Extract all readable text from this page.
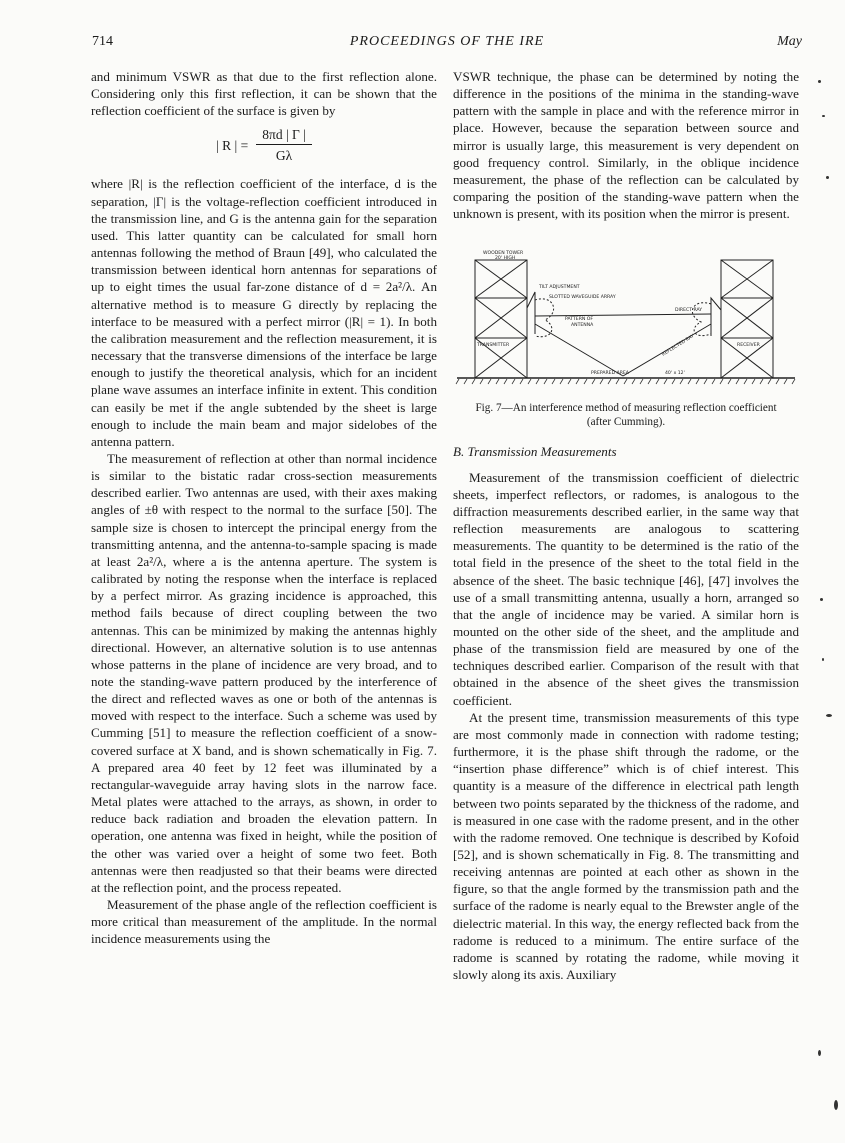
714	PROCEEDINGS OF THE IRE	May

and minimum VSWR as that due to the first reflection alone. Considering only this first reflection, it can be shown that the reflection coefficient of the surface is given by

| R | = $\frac{8\pi d | \Gamma |}{G\lambda}$

where |R| is the reflection coefficient of the interface, d is the separation, |Γ| is the voltage-reflection coefficient introduced in the transmission line, and G is the antenna gain for the separation used. This latter quantity can be calculated for small horn antennas following the method of Braun [49], who calculated the transmission between identical horn antennas for separations of up to eight times the usual far-zone distance of d = 2a²/λ. An alternative method is to measure G directly by replacing the interface to be measured with a perfect mirror (|R| = 1). In both the calibration measurement and the reflection measurement, it is necessary that the transverse dimensions of the interface be large enough to justify the theoretical analysis, which for an incident plane wave assumes an interface infinite in extent. This condition can easily be met if the angle subtended by the sheet is large enough to include the main beam and major sidelobes of the antenna pattern.

The measurement of reflection at other than normal incidence is similar to the bistatic radar cross-section measurements described earlier. Two antennas are used, with their axes making angles of ±θ with respect to the normal to the surface [50]. The sample size is chosen to intercept the principal energy from the transmitting antenna, and the antenna-to-sample spacing is made at least 2a²/λ, where a is the antenna aperture. The system is calibrated by noting the response when the interface is replaced by a perfect mirror. As grazing incidence is approached, this method fails because of direct coupling between the two antennas. This can be minimized by making the antennas highly directional. However, an alternative solution is to use antennas whose patterns in the plane of incidence are very broad, and to note the standing-wave pattern produced by the interference of the direct and reflected waves as one or both of the antennas is moved with respect to the interface. Such a scheme was used by Cumming [51] to measure the reflection coefficient of a snow-covered surface at X band, and is shown schematically in Fig. 7. A prepared area 40 feet by 12 feet was illuminated by a rectangular-waveguide array having slots in the narrow face. Metal plates were attached to the arrays, as shown, in order to reduce back radiation and broaden the elevation pattern. In operation, one antenna was fixed in height, while the position of the other was varied over a height of some two feet. Both antennas were then readjusted so that their beams were directed at the reflection point, and the process repeated.

Measurement of the phase angle of the reflection coefficient is more critical than measurement of the amplitude. In the normal incidence measurements using the

VSWR technique, the phase can be determined by noting the difference in the positions of the minima in the standing-wave pattern with the sample in place and with the reference mirror in place. However, because the separation between source and mirror is usually large, this measurement is very dependent on good frequency control. Similarly, in the oblique incidence measurement, the phase of the reflection can be calculated by comparing the position of the standing-wave pattern when the unknown is present, with its position when the mirror is present.

WOODEN TOWER
20' HIGH
TILT ADJUSTMENT
SLOTTED WAVEGUIDE ARRAY
PATTERN OF
ANTENNA
TRANSMITTER
DIRECT RAY
REFLECTED RAY	RECEIVER
PREPARED AREA	40' x 12'
Fig. 7—An interference method of measuring reflection coefficient (after Cumming).
B. Transmission Measurements

Measurement of the transmission coefficient of dielectric sheets, imperfect reflectors, or radomes, is analogous to the diffraction measurements described earlier, in the same way that reflection measurements are analogous to scattering measurements. The quantity to be determined is the ratio of the total field in the presence of the sheet to the total field in the absence of the sheet. The basic technique [46], [47] involves the use of a small transmitting antenna, usually a horn, arranged so that the angle of incidence may be varied. A similar horn is mounted on the other side of the sheet, and the amplitude and phase of the transmission field are measured by one of the techniques described earlier. Comparison of the result with that obtained in the absence of the sheet gives the transmission coefficient.

At the present time, transmission measurements of this type are most commonly made in connection with radome testing; furthermore, it is the phase shift through the radome, or the “insertion phase difference” which is of chief interest. This quantity is a measure of the difference in electrical path length between two points separated by the thickness of the radome, and is measured in one case with the radome present, and in the other with the radome removed. One technique is described by Kofoid [52], and is shown schematically in Fig. 8. The transmitting and receiving antennas are pointed at each other as shown in the figure, so that the angle formed by the transmission path and the surface of the radome is nearly equal to the Brewster angle of the dielectric material. In this way, the energy reflected back from the radome is reduced to a minimum. The entire surface of the radome is scanned by rotating the radome, while moving it slowly along its axis. Auxiliary
